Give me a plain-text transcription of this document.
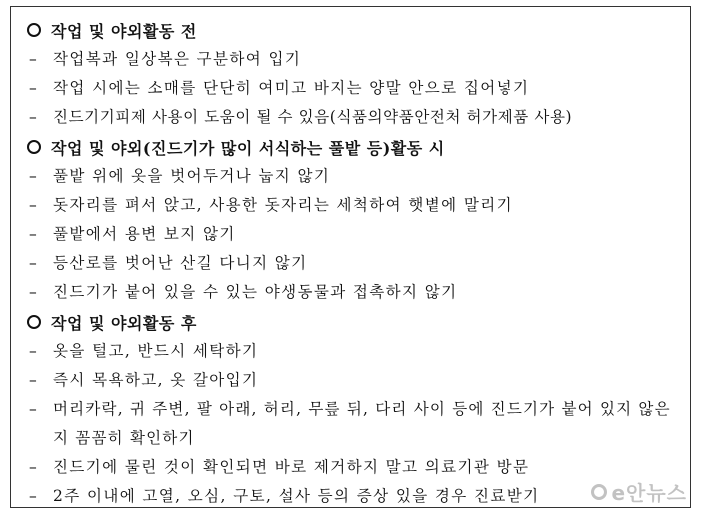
작업 및 야외활동 전
– 작업복과 일상복은 구분하여 입기
– 작업 시에는 소매를 단단히 여미고 바지는 양말 안으로 집어넣기
– 진드기기피제 사용이 도움이 될 수 있음(식품의약품안전처 허가제품 사용)
작업 및 야외(진드기가 많이 서식하는 풀밭 등)활동 시
– 풀밭 위에 옷을 벗어두거나 눕지 않기
– 돗자리를 펴서 앉고, 사용한 돗자리는 세척하여 햇볕에 말리기
– 풀밭에서 용변 보지 않기
– 등산로를 벗어난 산길 다니지 않기
– 진드기가 붙어 있을 수 있는 야생동물과 접촉하지 않기
작업 및 야외활동 후
– 옷을 털고, 반드시 세탁하기
– 즉시 목욕하고, 옷 갈아입기
– 머리카락, 귀 주변, 팔 아래, 허리, 무릎 뒤, 다리 사이 등에 진드기가 붙어 있지 않은지 꼼꼼히 확인하기
– 진드기에 물린 것이 확인되면 바로 제거하지 말고 의료기관 방문
– 2주 이내에 고열, 오심, 구토, 설사 등의 증상 있을 경우 진료받기	e안뉴스
